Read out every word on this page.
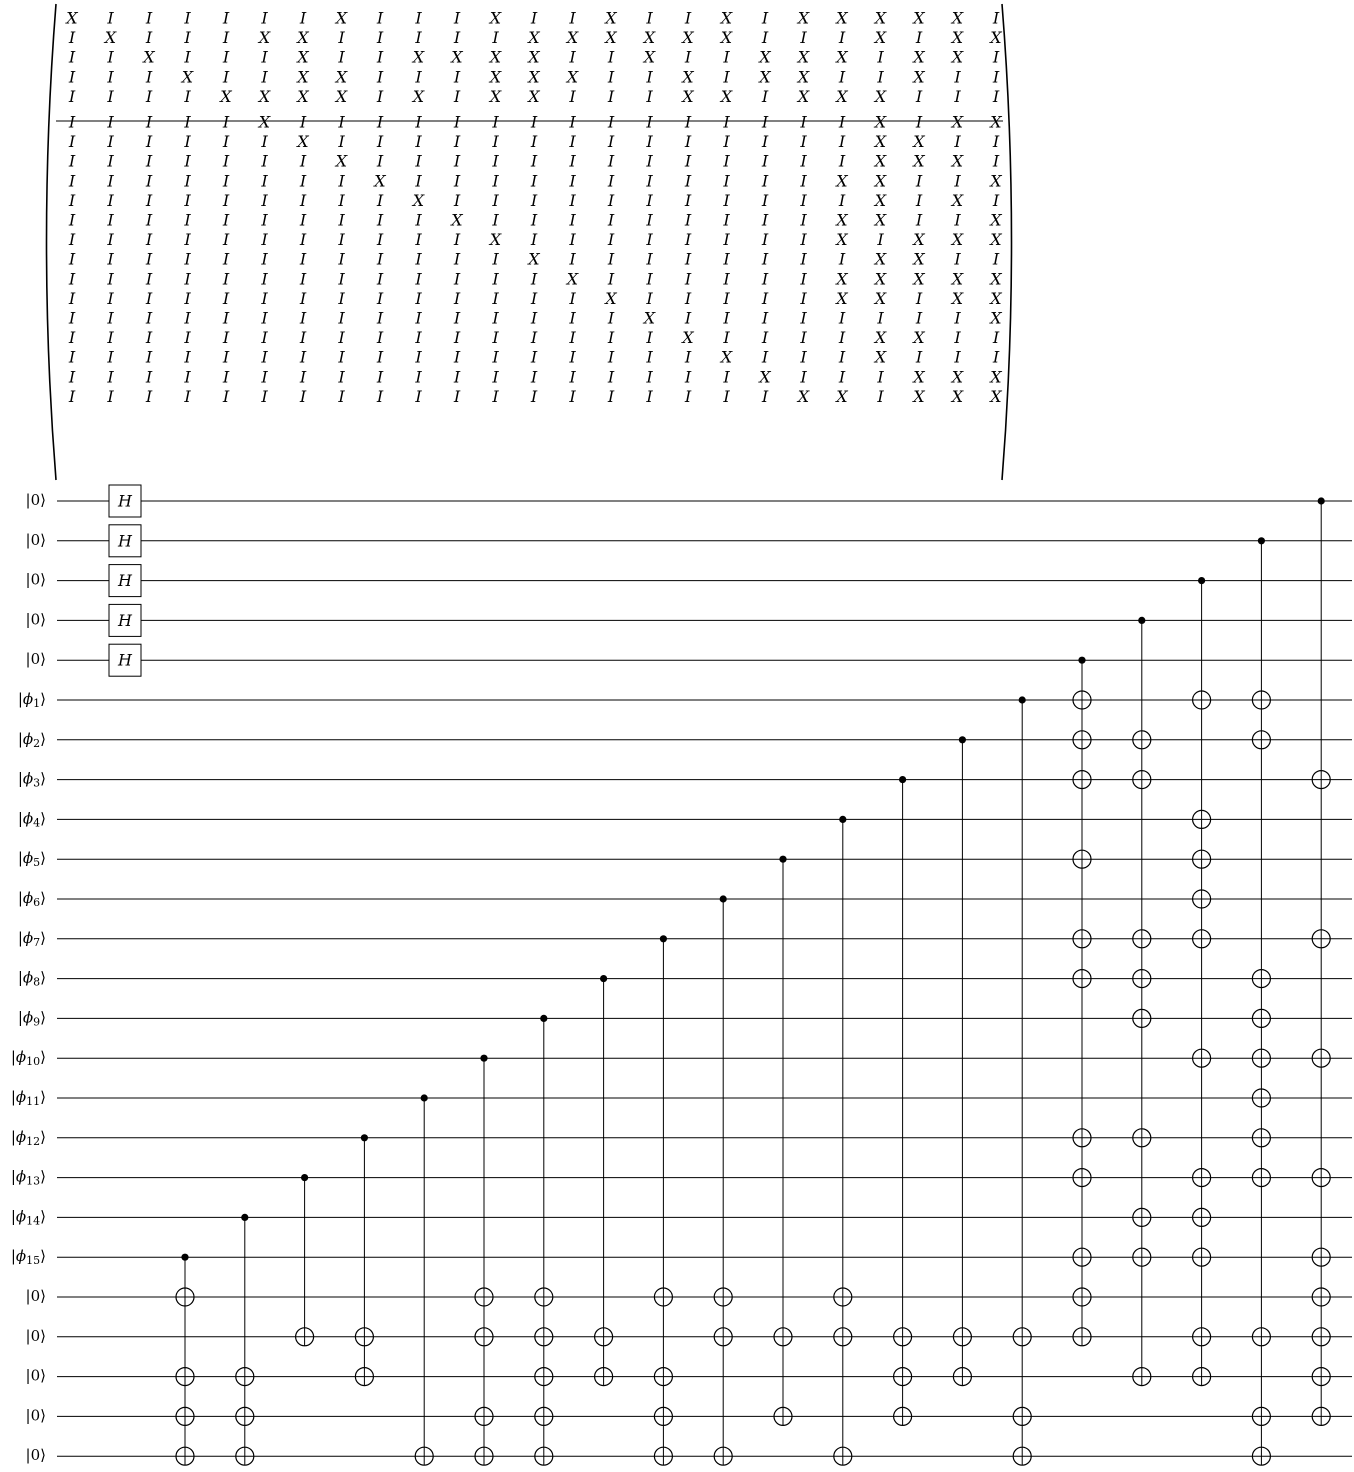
X I I I I I I X I I I X I I X I I X I X X X X X I
I X I I I X X I I I I I X X X X X X I I I X I X X
I I X I I I X I I X X X X I I X I I X X X I X X I
I I I X I I X X I I I X X X I I X I X X I I X I I
I I I I X X X X I X I X X I I I X X I X X X I I I
I I I I I X I I I I I I I I I I I I I I I X I X X
I I I I I I X I I I I I I I I I I I I I I X X I I
I I I I I I I X I I I I I I I I I I I I I X X X I
I I I I I I I I X I I I I I I I I I I I X X I I X
I I I I I I I I I X I I I I I I I I I I I X I X I
I I I I I I I I I I X I I I I I I I I I X X I I X
I I I I I I I I I I I X I I I I I I I I X I X X X
I I I I I I I I I I I I X I I I I I I I I X X I I
I I I I I I I I I I I I I X I I I I I I X X X X X
I I I I I I I I I I I I I I X I I I I I X X I X X
I I I I I I I I I I I I I I I X I I I I I I I I X
I I I I I I I I I I I I I I I I X I I I I X X I I
I I I I I I I I I I I I I I I I I X I I I X I I I
I I I I I I I I I I I I I I I I I I X I I I X X X
I I I I I I I I I I I I I I I I I I I X X I X X X
|0⟩
|0⟩
|0⟩
|0⟩
|0⟩
$|\phi_1⟩$
$|\phi_2⟩$
$|\phi_3⟩$
$|\phi_4⟩$
$|\phi_5⟩$
$|\phi_6⟩$
$|\phi_7⟩$
$|\phi_8⟩$
$|\phi_9⟩$
$|\phi_{10}⟩$
$|\phi_{11}⟩$
$|\phi_{12}⟩$
$|\phi_{13}⟩$
$|\phi_{14}⟩$
$|\phi_{15}⟩$
|0⟩
|0⟩
|0⟩
|0⟩
|0⟩
H
H
H
H
H
